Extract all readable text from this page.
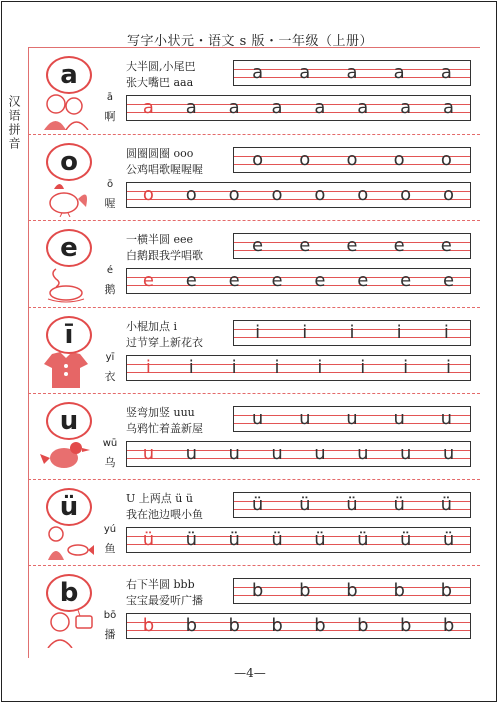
写字小状元・语文 s 版・一年级（上册）
汉语拼音
a	大半圆,小尾巴
张大嘴巴 aaa
ā
啊
a a a a a
a a a a a a a a
o	圆圈圆圈 ooo
公鸡唱歌喔喔喔
ō
喔
o o o o o
o o o o o o o o
e	一横半圆 eee
白鹅跟我学唱歌
é
鹅
e e e e e
e e e e e e e e
ī	小棍加点 i
过节穿上新花衣
yī
衣
i	i	i	i	i
i	i	i	i	i	i	i	i
u	竖弯加竖 uuu
乌鸦忙着盖新屋
wū
乌
u u u u u
u u u u u u u u
ü	U 上两点 ü ü
我在池边喂小鱼
yú
鱼
ü ü ü ü ü
ü ü ü ü ü ü ü ü
b	右下半圆 bbb
宝宝最爱听广播
bō
播
b b b b b
b b b b b b b b
—4—
